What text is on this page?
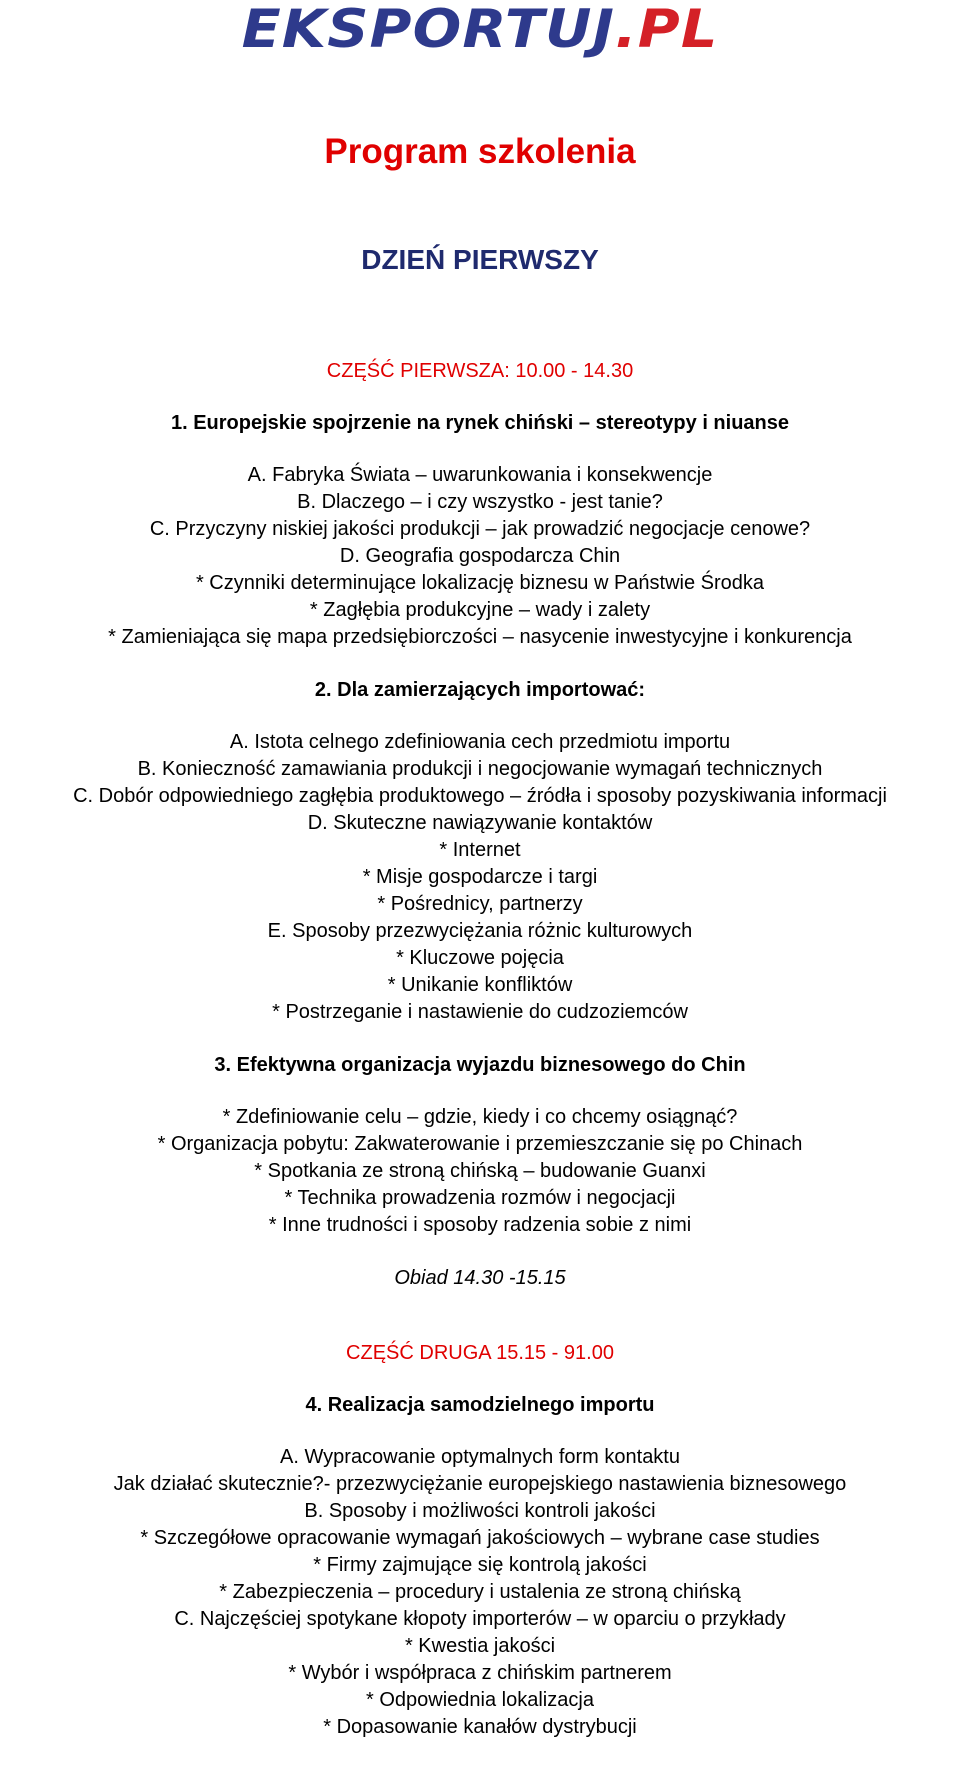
EKSPORTUJ.PL
Program szkolenia
DZIEŃ PIERWSZY
CZĘŚĆ PIERWSZA: 10.00 - 14.30
1. Europejskie spojrzenie na rynek chiński – stereotypy i niuanse
A. Fabryka Świata – uwarunkowania i konsekwencje
B. Dlaczego – i czy wszystko - jest tanie?
C. Przyczyny niskiej jakości produkcji – jak prowadzić negocjacje cenowe?
D. Geografia gospodarcza Chin
* Czynniki determinujące lokalizację biznesu w Państwie Środka
* Zagłębia produkcyjne – wady i zalety
* Zamieniająca się mapa przedsiębiorczości – nasycenie inwestycyjne i konkurencja
2. Dla zamierzających importować:
A. Istota celnego zdefiniowania cech przedmiotu importu
B. Konieczność zamawiania produkcji i negocjowanie wymagań technicznych
C. Dobór odpowiedniego zagłębia produktowego – źródła i sposoby pozyskiwania informacji
D. Skuteczne nawiązywanie kontaktów
* Internet
* Misje gospodarcze i targi
* Pośrednicy, partnerzy
E. Sposoby przezwyciężania różnic kulturowych
* Kluczowe pojęcia
* Unikanie konfliktów
* Postrzeganie i nastawienie do cudzoziemców
3. Efektywna organizacja wyjazdu biznesowego do Chin
* Zdefiniowanie celu – gdzie, kiedy i co chcemy osiągnąć?
* Organizacja pobytu: Zakwaterowanie i przemieszczanie się po Chinach
* Spotkania ze stroną chińską – budowanie Guanxi
* Technika prowadzenia rozmów i negocjacji
* Inne trudności i sposoby radzenia sobie z nimi
Obiad 14.30 -15.15
CZĘŚĆ DRUGA 15.15 - 91.00
4. Realizacja samodzielnego importu
A. Wypracowanie optymalnych form kontaktu
Jak działać skutecznie?- przezwyciężanie europejskiego nastawienia biznesowego
B. Sposoby i możliwości kontroli jakości
* Szczegółowe opracowanie wymagań jakościowych – wybrane case studies
* Firmy zajmujące się kontrolą jakości
* Zabezpieczenia – procedury i ustalenia ze stroną chińską
C. Najczęściej spotykane kłopoty importerów – w oparciu o przykłady
* Kwestia jakości
* Wybór i współpraca z chińskim partnerem
* Odpowiednia lokalizacja
* Dopasowanie kanałów dystrybucji
